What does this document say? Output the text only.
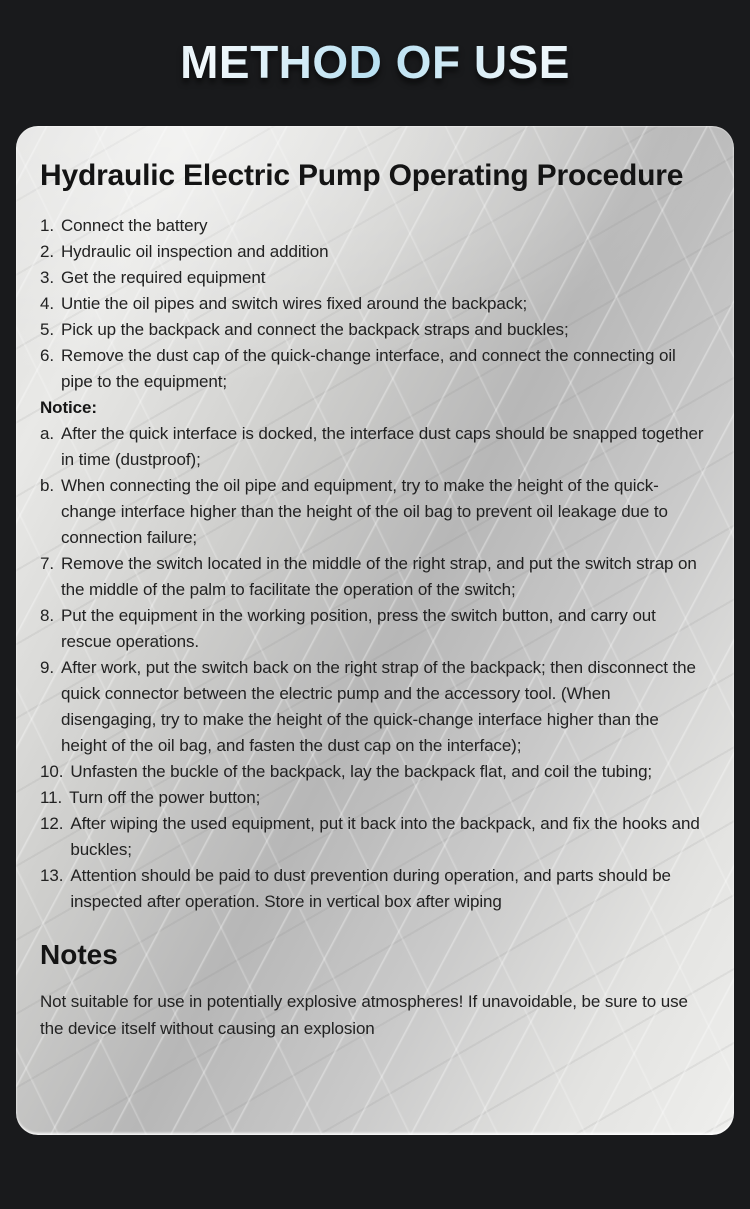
METHOD OF USE
Hydraulic Electric Pump Operating Procedure
1. Connect the battery
2. Hydraulic oil inspection and addition
3. Get the required equipment
4. Untie the oil pipes and switch wires fixed around the backpack;
5. Pick up the backpack and connect the backpack straps and buckles;
6. Remove the dust cap of the quick-change interface, and connect the connecting oil pipe to the equipment;
Notice:
a. After the quick interface is docked, the interface dust caps should be snapped together in time (dustproof);
b. When connecting the oil pipe and equipment, try to make the height of the quick-change interface higher than the height of the oil bag to prevent oil leakage due to connection failure;
7. Remove the switch located in the middle of the right strap, and put the switch strap on the middle of the palm to facilitate the operation of the switch;
8. Put the equipment in the working position, press the switch button, and carry out rescue operations.
9. After work, put the switch back on the right strap of the backpack; then disconnect the quick connector between the electric pump and the accessory tool. (When disengaging, try to make the height of the quick-change interface higher than the height of the oil bag, and fasten the dust cap on the interface);
10. Unfasten the buckle of the backpack, lay the backpack flat, and coil the tubing;
11. Turn off the power button;
12. After wiping the used equipment, put it back into the backpack, and fix the hooks and buckles;
13. Attention should be paid to dust prevention during operation, and parts should be inspected after operation. Store in vertical box after wiping
Notes

Not suitable for use in potentially explosive atmospheres! If unavoidable, be sure to use the device itself without causing an explosion
